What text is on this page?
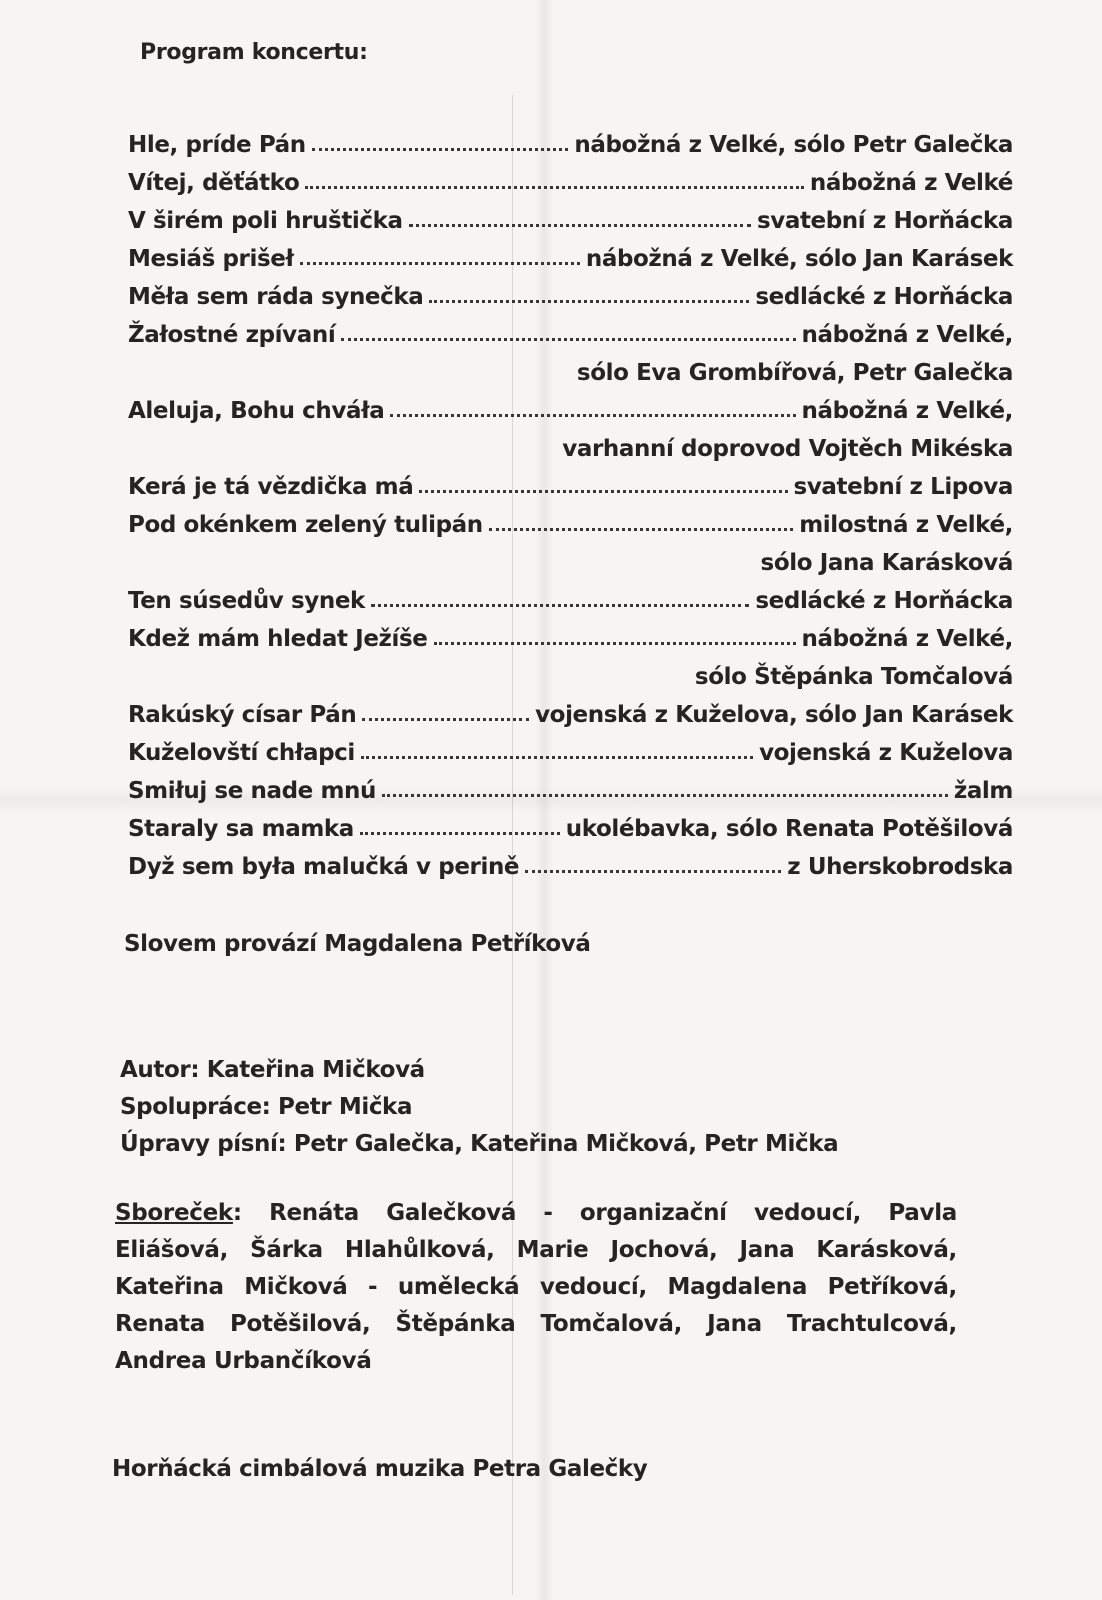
Program koncertu:
Hle, príde Pán	nábožná z Velké, sólo Petr Galečka
Vítej, děťátko	nábožná z Velké
V širém poli hruštička	svatební z Horňácka
Mesiáš prišeł	nábožná z Velké, sólo Jan Karásek
Měła sem ráda synečka	sedlácké z Horňácka
Žałostné zpívaní	nábožná z Velké,
sólo Eva Grombířová, Petr Galečka
Aleluja, Bohu chváła	nábožná z Velké,
varhanní doprovod Vojtěch Mikéska
Kerá je tá vězdička má	svatební z Lipova
Pod okénkem zelený tulipán	milostná z Velké,
sólo Jana Karásková
Ten súsedův synek	sedlácké z Horňácka
Kdež mám hledat Ježíše	nábožná z Velké,
sólo Štěpánka Tomčalová
Rakúský císar Pán	vojenská z Kuželova, sólo Jan Karásek
Kuželovští chłapci	vojenská z Kuželova
Smiłuj se nade mnú	žalm
Staraly sa mamka	ukolébavka, sólo Renata Potěšilová
Dyž sem była malučká v perině	z Uherskobrodska
Slovem provází Magdalena Petříková
Autor: Kateřina Mičková
Spolupráce: Petr Mička
Úpravy písní: Petr Galečka, Kateřina Mičková, Petr Mička
Sboreček: Renáta Galečková - organizační vedoucí, Pavla Eliášová, Šárka Hlahůlková, Marie Jochová, Jana Karásková, Kateřina Mičková - umělecká vedoucí, Magdalena Petříková, Renata Potěšilová, Štěpánka Tomčalová, Jana Trachtulcová, Andrea Urbančíková
Horňácká cimbálová muzika Petra Galečky
